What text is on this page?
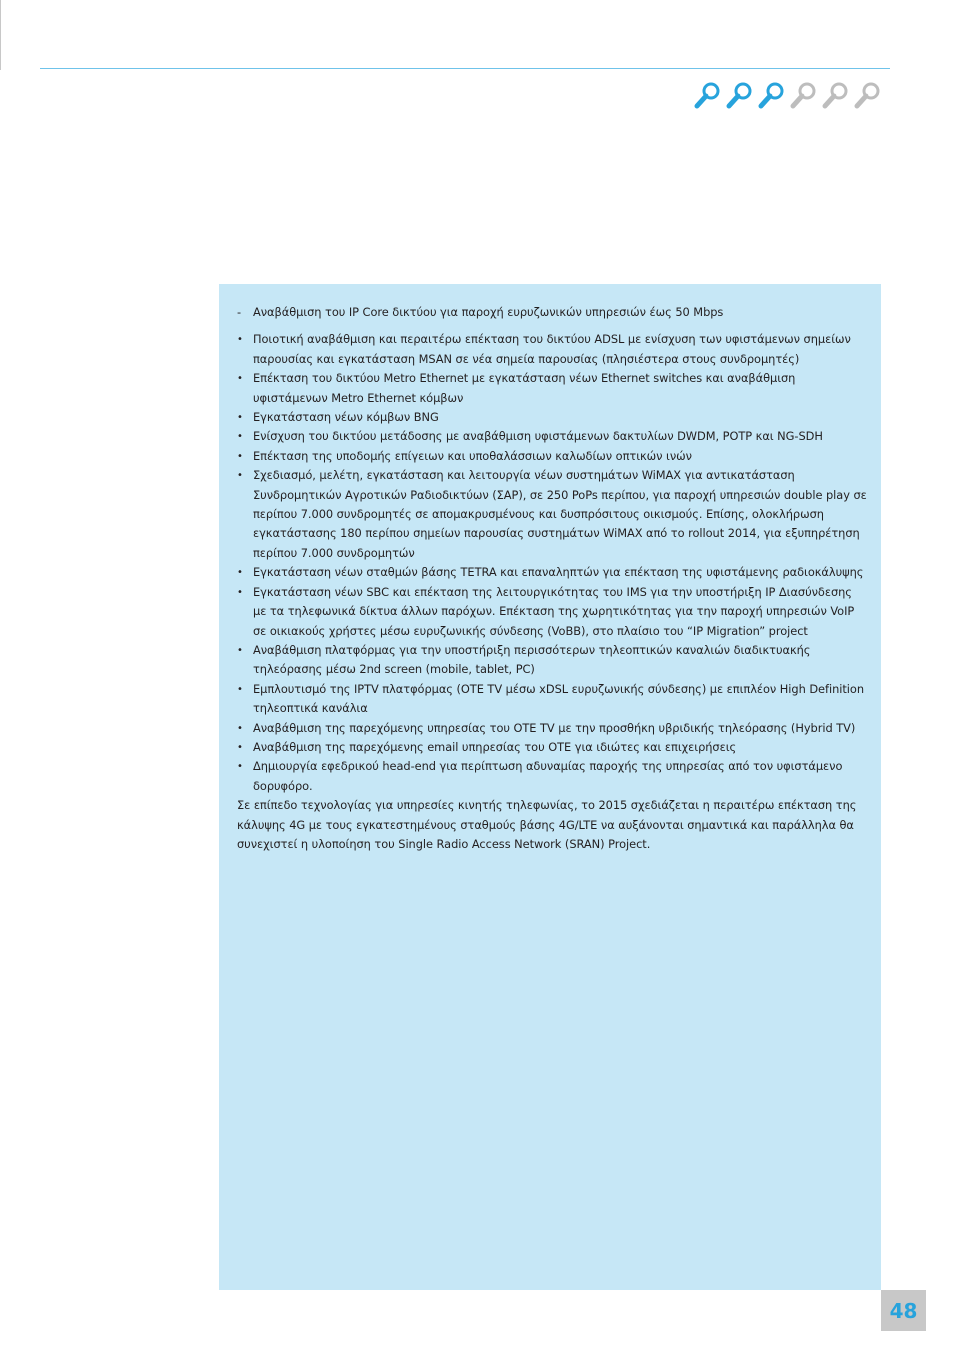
-	Αναβάθμιση του IP Core δικτύου για παροχή ευρυζωνικών υπηρεσιών έως 50 Mbps
• Ποιοτική αναβάθμιση και περαιτέρω επέκταση του δικτύου ADSL με ενίσχυση των υφιστάμενων σημείων παρουσίας και εγκατάσταση MSAN σε νέα σημεία παρουσίας (πλησιέστερα στους συνδρομητές)
• Επέκταση του δικτύου Metro Ethernet με εγκατάσταση νέων Ethernet switches και αναβάθμιση υφιστάμενων Metro Ethernet κόμβων
• Εγκατάσταση νέων κόμβων BNG
• Ενίσχυση του δικτύου μετάδοσης με αναβάθμιση υφιστάμενων δακτυλίων DWDM, POTP και NG-SDH
• Επέκταση της υποδομής επίγειων και υποθαλάσσιων καλωδίων οπτικών ινών
• Σχεδιασμό, μελέτη, εγκατάσταση και λειτουργία νέων συστημάτων WiMAX για αντικατάσταση Συνδρομητικών Αγροτικών Ραδιοδικτύων (ΣΑΡ), σε 250 PoPs περίπου, για παροχή υπηρεσιών double play σε περίπου 7.000 συνδρομητές σε απομακρυσμένους και δυσπρόσιτους οικισμούς. Επίσης, ολοκλήρωση εγκατάστασης 180 περίπου σημείων παρουσίας συστημάτων WiMAX από το rollout 2014, για εξυπηρέτηση περίπου 7.000 συνδρομητών
• Εγκατάσταση νέων σταθμών βάσης TETRA και επαναληπτών για επέκταση της υφιστάμενης ραδιοκάλυψης
• Εγκατάσταση νέων SBC και επέκταση της λειτουργικότητας του IMS για την υποστήριξη IP Διασύνδεσης με τα τηλεφωνικά δίκτυα άλλων παρόχων. Επέκταση της χωρητικότητας για την παροχή υπηρεσιών VoIP σε οικιακούς χρήστες μέσω ευρυζωνικής σύνδεσης (VoBB), στο πλαίσιο του “IP Migration” project
• Αναβάθμιση πλατφόρμας για την υποστήριξη περισσότερων τηλεοπτικών καναλιών διαδικτυακής τηλεόρασης μέσω 2nd screen (mobile, tablet, PC)
• Εμπλουτισμό της IPTV πλατφόρμας (OTE TV μέσω xDSL ευρυζωνικής σύνδεσης) με επιπλέον High Definition τηλεοπτικά κανάλια
• Αναβάθμιση της παρεχόμενης υπηρεσίας του OTE TV με την προσθήκη υβριδικής τηλεόρασης (Hybrid TV)
• Αναβάθμιση της παρεχόμενης email υπηρεσίας του OTE για ιδιώτες και επιχειρήσεις
• Δημιουργία εφεδρικού head-end για περίπτωση αδυναμίας παροχής της υπηρεσίας από τον υφιστάμενο δορυφόρο.

Σε επίπεδο τεχνολογίας για υπηρεσίες κινητής τηλεφωνίας, το 2015 σχεδιάζεται η περαιτέρω επέκταση της κάλυψης 4G με τους εγκατεστημένους σταθμούς βάσης 4G/LTE να αυξάνονται σημαντικά και παράλληλα θα συνεχιστεί η υλοποίηση του Single Radio Access Network (SRAN) Project.

48
